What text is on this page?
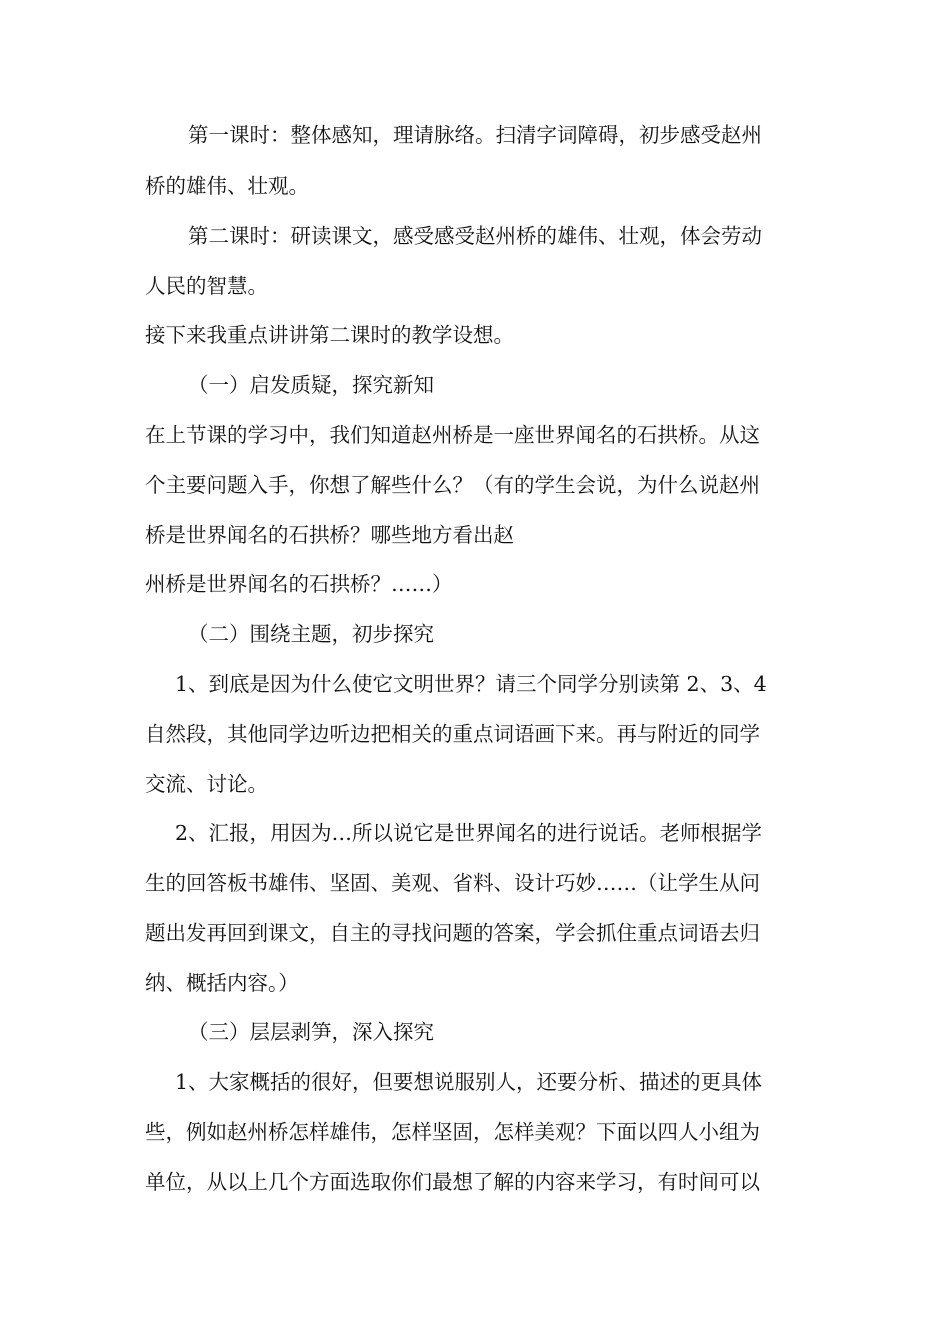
第一课时：整体感知，理请脉络。扫清字词障碍，初步感受赵州
桥的雄伟、壮观。
第二课时：研读课文，感受感受赵州桥的雄伟、壮观，体会劳动
人民的智慧。
接下来我重点讲讲第二课时的教学设想。
（一）启发质疑，探究新知
在上节课的学习中，我们知道赵州桥是一座世界闻名的石拱桥。从这
个主要问题入手，你想了解些什么？（有的学生会说，为什么说赵州
桥是世界闻名的石拱桥？哪些地方看出赵
州桥是世界闻名的石拱桥？……）
（二）围绕主题，初步探究
1、到底是因为什么使它文明世界？请三个同学分别读第 2、3、4
自然段，其他同学边听边把相关的重点词语画下来。再与附近的同学
交流、讨论。
2、汇报，用因为…所以说它是世界闻名的进行说话。老师根据学
生的回答板书雄伟、坚固、美观、省料、设计巧妙……（让学生从问
题出发再回到课文，自主的寻找问题的答案，学会抓住重点词语去归
纳、概括内容。）
（三）层层剥笋，深入探究
1、大家概括的很好，但要想说服别人，还要分析、描述的更具体
些，例如赵州桥怎样雄伟，怎样坚固，怎样美观？下面以四人小组为
单位，从以上几个方面选取你们最想了解的内容来学习，有时间可以
